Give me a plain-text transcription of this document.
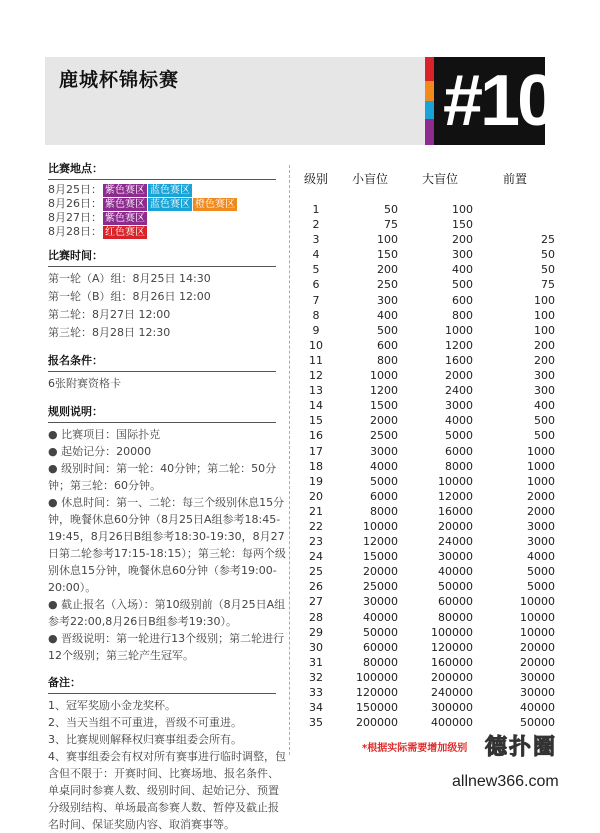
鹿城杯锦标赛	#10
比赛地点：
8月25日： 紫色赛区 蓝色赛区
8月26日： 紫色赛区 蓝色赛区 橙色赛区
8月27日： 紫色赛区
8月28日： 红色赛区
比赛时间：
第一轮（A）组：8月25日 14:30
第一轮（B）组：8月26日 12:00
第二轮：8月27日 12:00
第三轮：8月28日 12:30
报名条件：
6张附赛资格卡
规则说明：
● 比赛项目：国际扑克
● 起始记分：20000
● 级别时间：第一轮：40分钟；第二轮：50分钟；第三轮：60分钟。
● 休息时间：第一、二轮：每三个级别休息15分钟，晚餐休息60分钟（8月25日A组参考18:45-19:45，8月26日B组参考18:30-19:30，8月27日第二轮参考17:15-18:15）；第三轮：每两个级别休息15分钟，晚餐休息60分钟（参考19:00-20:00）。
● 截止报名（入场）：第10级别前（8月25日A组参考22:00,8月26日B组参考19:30）。
● 晋级说明：第一轮进行13个级别；第二轮进行12个级别；第三轮产生冠军。
备注：
1、冠军奖励小金龙奖杯。
2、当天当组不可重进，晋级不可重进。
3、比赛规则解释权归赛事组委会所有。
4、赛事组委会有权对所有赛事进行临时调整，包含但不限于：开赛时间、比赛场地、报名条件、单桌同时参赛人数、级别时间、起始记分、预置分级别结构、单场最高参赛人数、暂停及截止报名时间、保证奖励内容、取消赛事等。
级别	小盲位	大盲位	前置
1	50	100
2	75	150
3	100	200	25
4	150	300	50
5	200	400	50
6	250	500	75
7	300	600	100
8	400	800	100
9	500	1000	100
10	600	1200	200
11	800	1600	200
12	1000	2000	300
13	1200	2400	300
14	1500	3000	400
15	2000	4000	500
16	2500	5000	500
17	3000	6000	1000
18	4000	8000	1000
19	5000	10000	1000
20	6000	12000	2000
21	8000	16000	2000
22	10000	20000	3000
23	12000	24000	3000
24	15000	30000	4000
25	20000	40000	5000
26	25000	50000	5000
27	30000	60000	10000
28	40000	80000	10000
29	50000	100000	10000
30	60000	120000	20000
31	80000	160000	20000
32	100000	200000	30000
33	120000	240000	30000
34	150000	300000	40000
35	200000	400000	50000
*根据实际需要增加级别 德扑圈
allnew366.com
